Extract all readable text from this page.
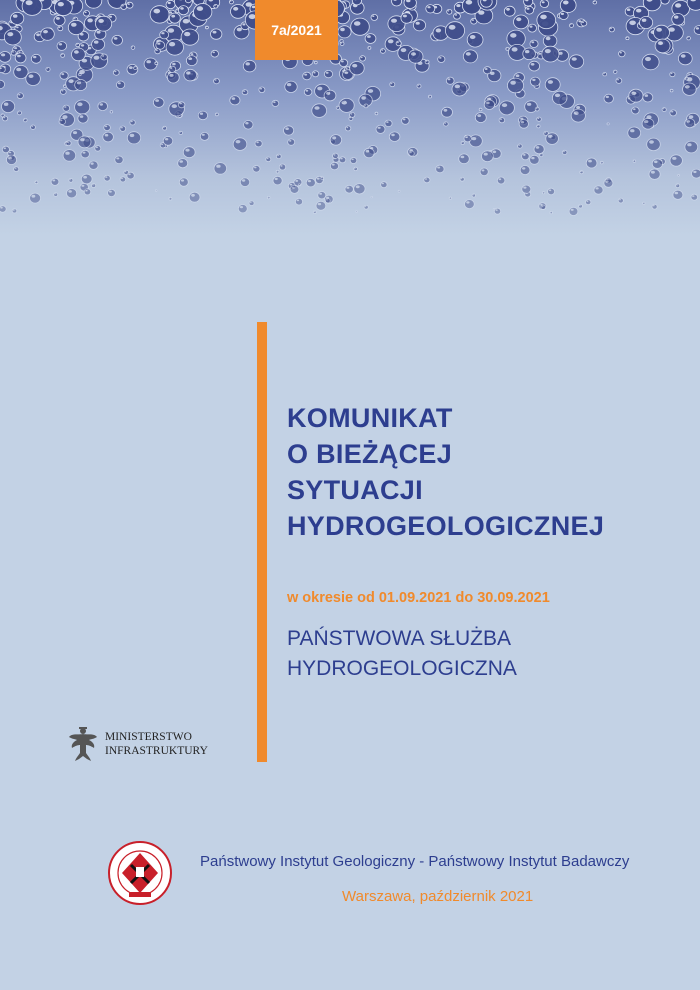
7a/2021
KOMUNIKAT
O BIEŻĄCEJ
SYTUACJI
HYDROGEOLOGICZNEJ
w okresie od 01.09.2021 do 30.09.2021
PAŃSTWOWA SŁUŻBA
HYDROGEOLOGICZNA
MINISTERSTWO
INFRASTRUKTURY
Państwowy Instytut Geologiczny - Państwowy Instytut Badawczy
Warszawa, październik 2021
